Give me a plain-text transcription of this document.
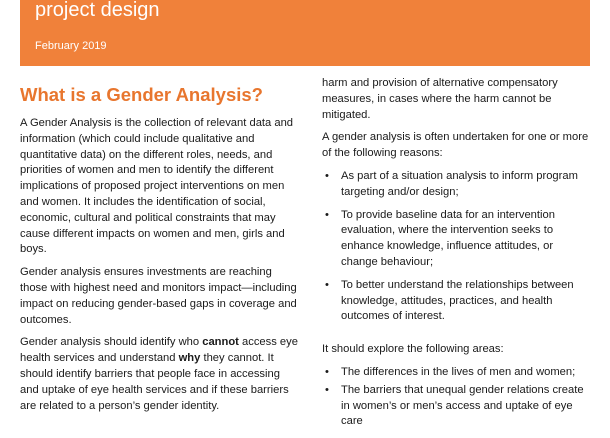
project design
February 2019
What is a Gender Analysis?

A Gender Analysis is the collection of relevant data and information (which could include qualitative and quantitative data) on the different roles, needs, and priorities of women and men to identify the different implications of proposed project interventions on men and women. It includes the identification of social, economic, cultural and political constraints that may cause different impacts on women and men, girls and boys.

Gender analysis ensures investments are reaching those with highest need and monitors impact—including impact on reducing gender-based gaps in coverage and outcomes.

Gender analysis should identify who cannot access eye health services and understand why they cannot. It should identify barriers that people face in accessing and uptake of eye health services and if these barriers are related to a person’s gender identity.

harm and provision of alternative compensatory measures, in cases where the harm cannot be mitigated.

A gender analysis is often undertaken for one or more of the following reasons:

• As part of a situation analysis to inform program targeting and/or design;
• To provide baseline data for an intervention evaluation, where the intervention seeks to enhance knowledge, influence attitudes, or change behaviour;
• To better understand the relationships between knowledge, attitudes, practices, and health outcomes of interest.

It should explore the following areas:

• The differences in the lives of men and women;
• The barriers that unequal gender relations create in women’s or men’s access and uptake of eye care
